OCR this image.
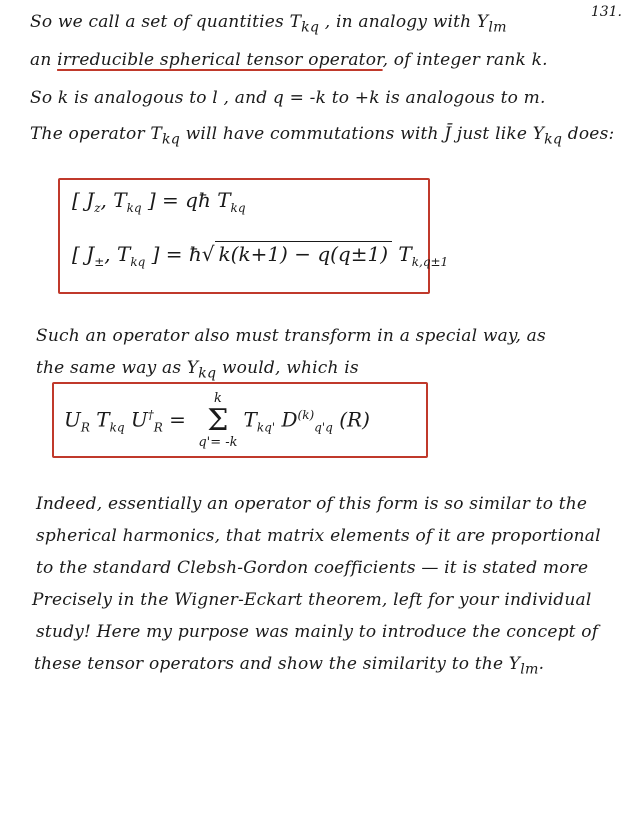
131.
So we call a set of quantities $T_{kq}$ , in analogy with $Y_{lm}$
an irreducible spherical tensor operator, of integer rank k.
So k is analogous to l , and q = -k to +k is analogous to m.
The operator $T_{kq}$ will have commutations with J̄ just like $Y_{kq}$ does:
[ $J_z$, $T_{kq}$ ] = qħ $T_{kq}$
[ $J_\pm$, $T_{kq}$ ] = ħ√ k(k+1) − q(q±1) $T_{k,q\pm 1}$
Such an operator also must transform in a special way, as
the same way as $Y_{kq}$ would, which is
$U_R$ $T_{kq}$ $U^\dagger_R$ =
k
Σ
q'= -k
$T_{kq'}$ $D^{(k)}_{q'q}$ (R)
Indeed, essentially an operator of this form is so similar to the
spherical harmonics, that matrix elements of it are proportional
to the standard Clebsh-Gordon coefficients — it is stated more
Precisely in the Wigner-Eckart theorem, left for your individual
study! Here my purpose was mainly to introduce the concept of
these tensor operators and show the similarity to the $Y_{lm}$.
